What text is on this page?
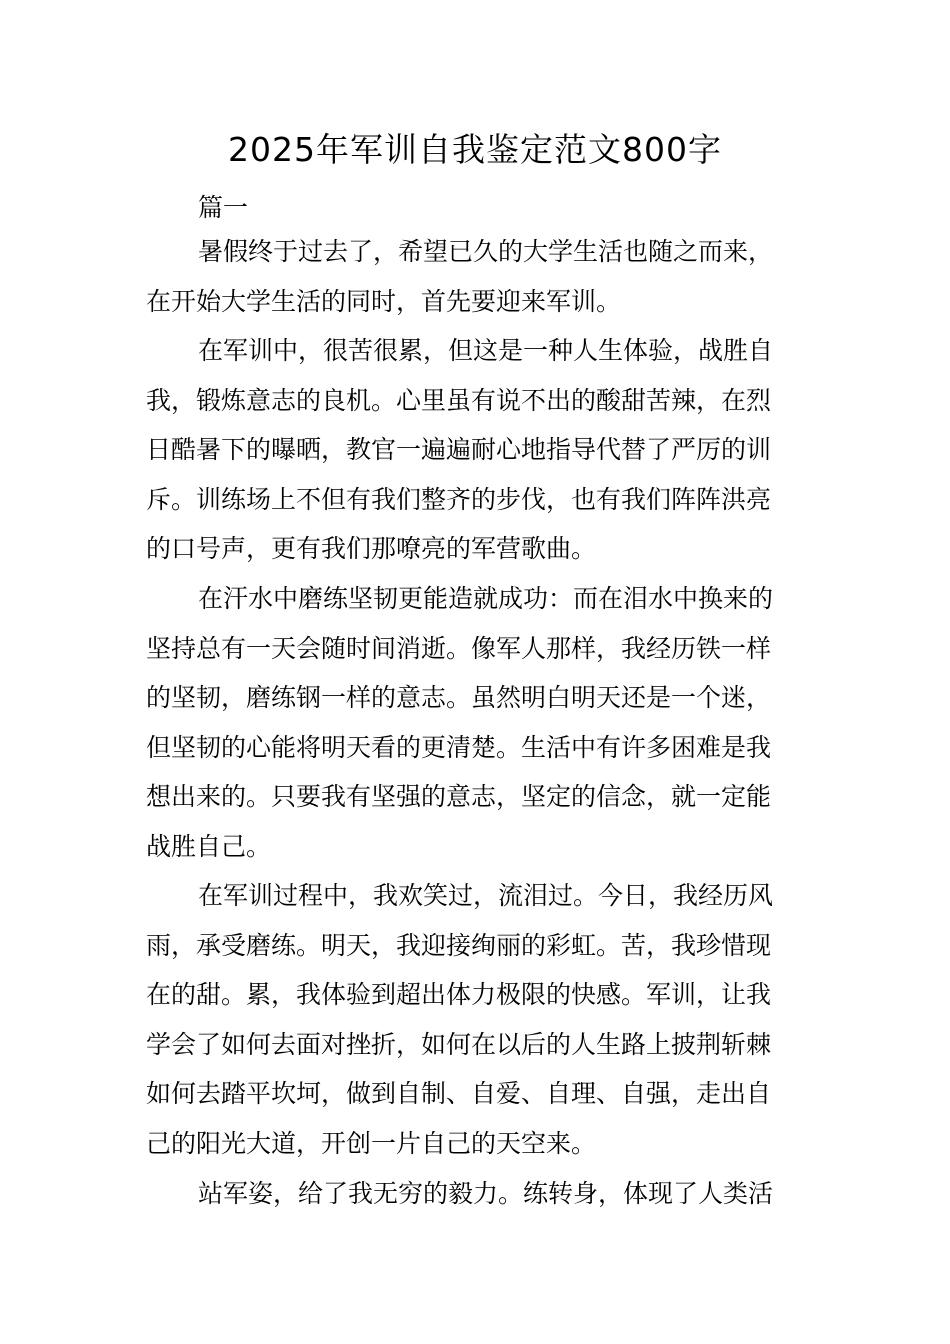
2025年军训自我鉴定范文800字
篇一
暑假终于过去了，希望已久的大学生活也随之而来，
在开始大学生活的同时，首先要迎来军训。
在军训中，很苦很累，但这是一种人生体验，战胜自
我，锻炼意志的良机。心里虽有说不出的酸甜苦辣，在烈
日酷暑下的曝晒，教官一遍遍耐心地指导代替了严厉的训
斥。训练场上不但有我们整齐的步伐，也有我们阵阵洪亮
的口号声，更有我们那嘹亮的军营歌曲。
在汗水中磨练坚韧更能造就成功：而在泪水中换来的
坚持总有一天会随时间消逝。像军人那样，我经历铁一样
的坚韧，磨练钢一样的意志。虽然明白明天还是一个迷，
但坚韧的心能将明天看的更清楚。生活中有许多困难是我
想出来的。只要我有坚强的意志，坚定的信念，就一定能
战胜自己。
在军训过程中，我欢笑过，流泪过。今日，我经历风
雨，承受磨练。明天，我迎接绚丽的彩虹。苦，我珍惜现
在的甜。累，我体验到超出体力极限的快感。军训，让我
学会了如何去面对挫折，如何在以后的人生路上披荆斩棘
如何去踏平坎坷，做到自制、自爱、自理、自强，走出自
己的阳光大道，开创一片自己的天空来。
站军姿，给了我无穷的毅力。练转身，体现了人类活
